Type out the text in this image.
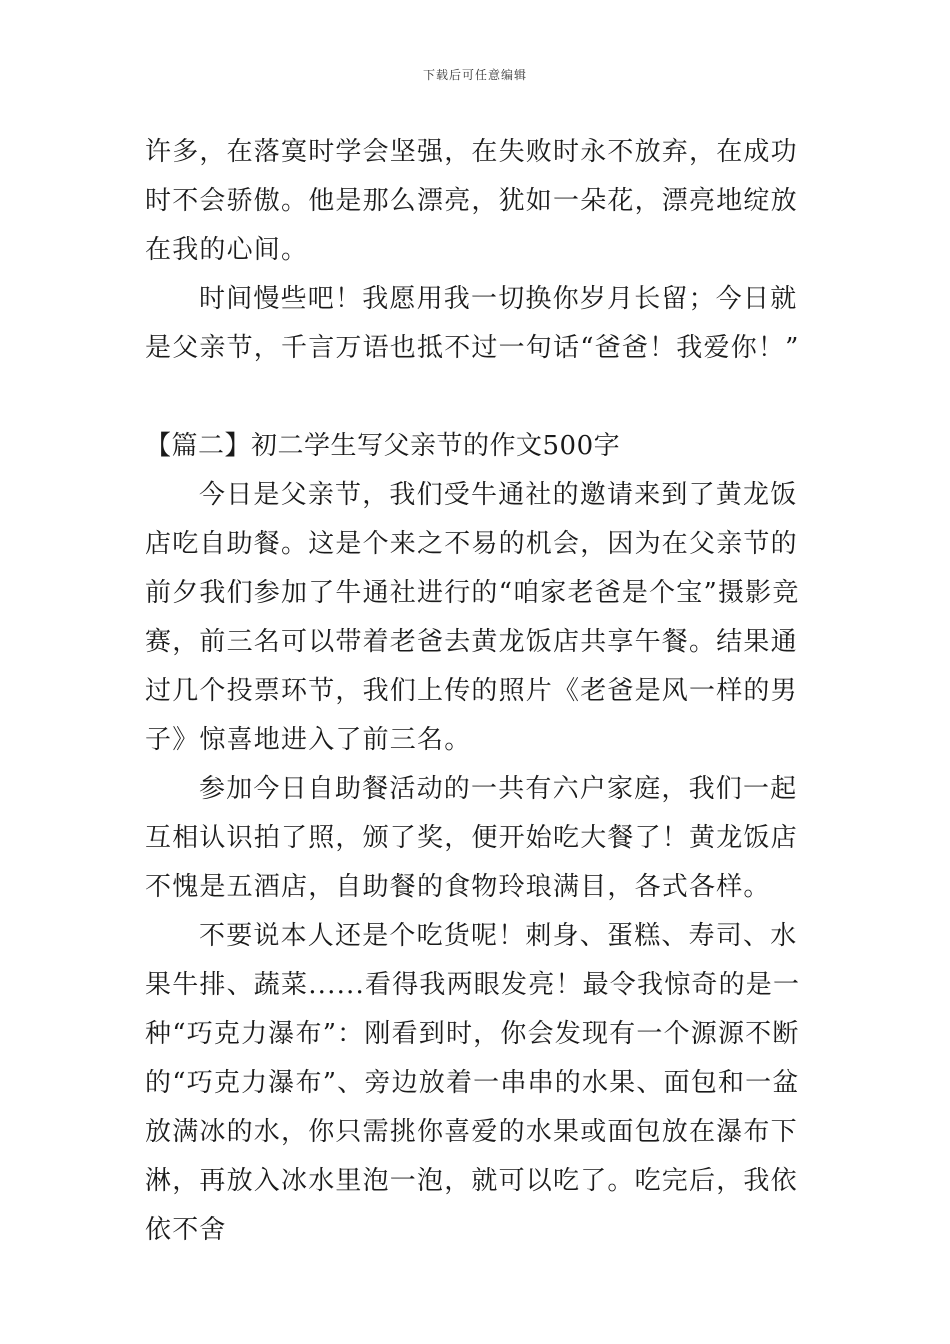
下载后可任意编辑

许多，在落寞时学会坚强，在失败时永不放弃，在成功时不会骄傲。他是那么漂亮，犹如一朵花，漂亮地绽放在我的心间。

时间慢些吧！我愿用我一切换你岁月长留；今日就是父亲节，千言万语也抵不过一句话“爸爸！我爱你！”

【篇二】初二学生写父亲节的作文500字

今日是父亲节，我们受牛通社的邀请来到了黄龙饭店吃自助餐。这是个来之不易的机会，因为在父亲节的前夕我们参加了牛通社进行的“咱家老爸是个宝”摄影竞赛，前三名可以带着老爸去黄龙饭店共享午餐。结果通过几个投票环节，我们上传的照片《老爸是风一样的男子》惊喜地进入了前三名。

参加今日自助餐活动的一共有六户家庭，我们一起互相认识拍了照，颁了奖，便开始吃大餐了！黄龙饭店不愧是五酒店，自助餐的食物玲琅满目，各式各样。

不要说本人还是个吃货呢！刺身、蛋糕、寿司、水果牛排、蔬菜......看得我两眼发亮！最令我惊奇的是一种“巧克力瀑布”：刚看到时，你会发现有一个源源不断的“巧克力瀑布”、旁边放着一串串的水果、面包和一盆放满冰的水，你只需挑你喜爱的水果或面包放在瀑布下淋，再放入冰水里泡一泡，就可以吃了。吃完后，我依依不舍
